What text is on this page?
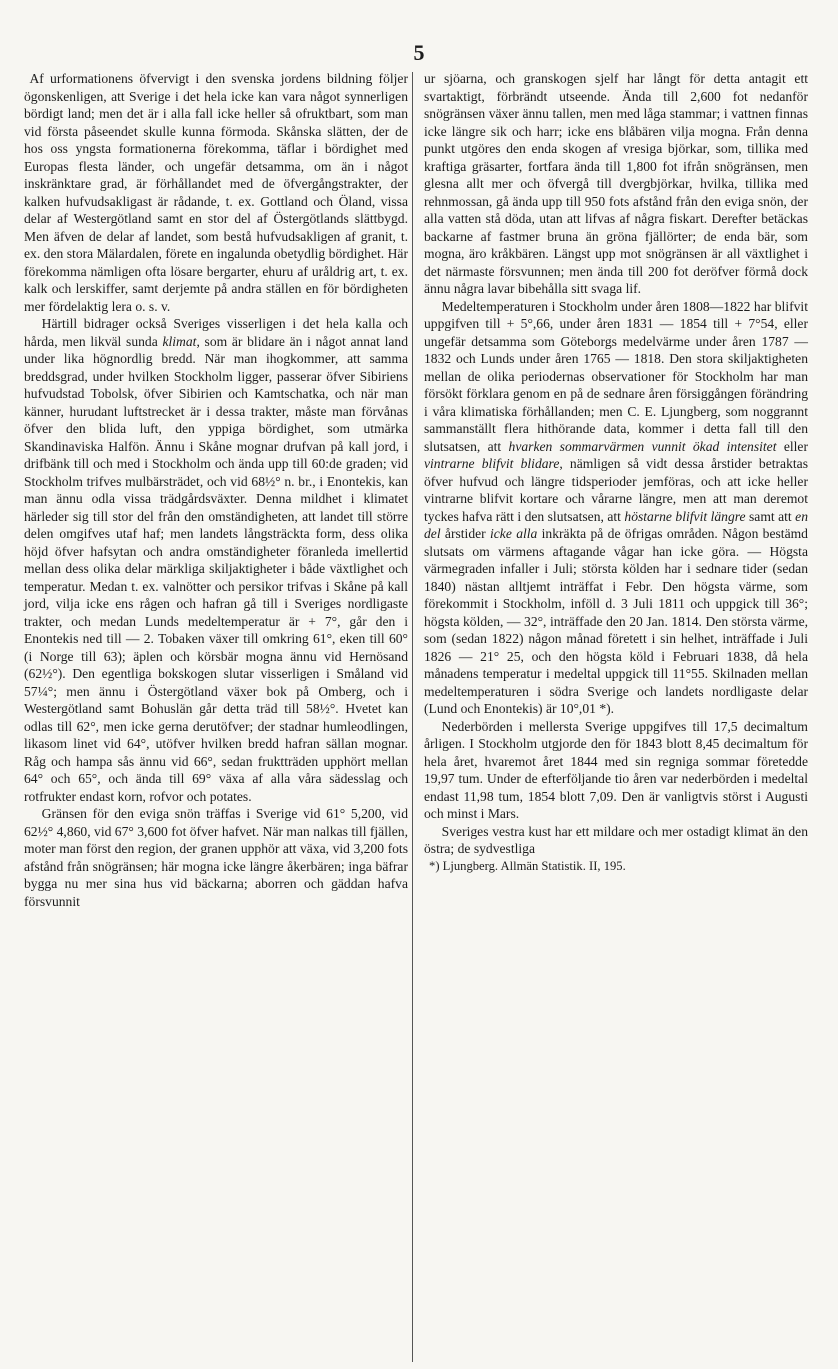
5

Af urformationens öfvervigt i den svenska jordens bildning följer ögonskenligen, att Sverige i det hela icke kan vara något synnerligen bördigt land; men det är i alla fall icke heller så ofruktbart, som man vid första påseendet skulle kunna förmoda. Skånska slätten, der de hos oss yngsta formationerna förekomma, täflar i bördighet med Europas flesta länder, och ungefär detsamma, om än i något inskränktare grad, är förhållandet med de öfvergångstrakter, der kalken hufvudsakligast är rådande, t. ex. Gottland och Öland, vissa delar af Westergötland samt en stor del af Östergötlands slättbygd. Men äfven de delar af landet, som bestå hufvudsakligen af granit, t. ex. den stora Mälardalen, förete en ingalunda obetydlig bördighet. Här förekomma nämligen ofta lösare bergarter, ehuru af uråldrig art, t. ex. kalk och lerskiffer, samt derjemte på andra ställen en för bördigheten mer fördelaktig lera o. s. v.

Härtill bidrager också Sveriges visserligen i det hela kalla och hårda, men likväl sunda klimat, som är blidare än i något annat land under lika högnordlig bredd. När man ihogkommer, att samma breddsgrad, under hvilken Stockholm ligger, passerar öfver Sibiriens hufvudstad Tobolsk, öfver Sibirien och Kamtschatka, och när man känner, hurudant luftstrecket är i dessa trakter, måste man förvånas öfver den blida luft, den yppiga bördighet, som utmärka Skandinaviska Halfön. Ännu i Skåne mognar drufvan på kall jord, i drifbänk till och med i Stockholm och ända upp till 60:de graden; vid Stockholm trifves mulbärsträdet, och vid 68½° n. br., i Enontekis, kan man ännu odla vissa trädgårdsväxter. Denna mildhet i klimatet härleder sig till stor del från den omständigheten, att landet till större delen omgifves utaf haf; men landets långsträckta form, dess olika höjd öfver hafsytan och andra omständigheter föranleda imellertid mellan dess olika delar märkliga skiljaktigheter i både växtlighet och temperatur. Medan t. ex. valnötter och persikor trifvas i Skåne på kall jord, vilja icke ens rågen och hafran gå till i Sveriges nordligaste trakter, och medan Lunds medeltemperatur är + 7°, går den i Enontekis ned till — 2. Tobaken växer till omkring 61°, eken till 60° (i Norge till 63); äplen och körsbär mogna ännu vid Hernösand (62½°). Den egentliga bokskogen slutar visserligen i Småland vid 57¼°; men ännu i Östergötland växer bok på Omberg, och i Westergötland samt Bohuslän går detta träd till 58½°. Hvetet kan odlas till 62°, men icke gerna derutöfver; der stadnar humleodlingen, likasom linet vid 64°, utöfver hvilken bredd hafran sällan mognar. Råg och hampa sås ännu vid 66°, sedan fruktträden upphört mellan 64° och 65°, och ända till 69° växa af alla våra sädesslag och rotfrukter endast korn, rofvor och potates.

Gränsen för den eviga snön träffas i Sverige vid 61° 5,200, vid 62½° 4,860, vid 67° 3,600 fot öfver hafvet. När man nalkas till fjällen, moter man först den region, der granen upphör att växa, vid 3,200 fots afstånd från snögränsen; här mogna icke längre åkerbären; inga bäfrar bygga nu mer sina hus vid bäckarna; aborren och gäddan hafva försvunnit

ur sjöarna, och granskogen sjelf har långt för detta antagit ett svartaktigt, förbrändt utseende. Ända till 2,600 fot nedanför snögränsen växer ännu tallen, men med låga stammar; i vattnen finnas icke längre sik och harr; icke ens blåbären vilja mogna. Från denna punkt utgöres den enda skogen af vresiga björkar, som, tillika med kraftiga gräsarter, fortfara ända till 1,800 fot ifrån snögränsen, men glesna allt mer och öfvergå till dvergbjörkar, hvilka, tillika med rehnmossan, gå ända upp till 950 fots afstånd från den eviga snön, der alla vatten stå döda, utan att lifvas af några fiskart. Derefter betäckas backarne af fastmer bruna än gröna fjällörter; de enda bär, som mogna, äro kråkbären. Längst upp mot snögränsen är all växtlighet i det närmaste försvunnen; men ända till 200 fot deröfver förmå dock ännu några lavar bibehålla sitt svaga lif.

Medeltemperaturen i Stockholm under åren 1808—1822 har blifvit uppgifven till + 5°,66, under åren 1831 — 1854 till + 7°54, eller ungefär detsamma som Göteborgs medelvärme under åren 1787 — 1832 och Lunds under åren 1765 — 1818. Den stora skiljaktigheten mellan de olika periodernas observationer för Stockholm har man försökt förklara genom en på de sednare åren försiggången förändring i våra klimatiska förhållanden; men C. E. Ljungberg, som noggrannt sammanställt flera hithörande data, kommer i detta fall till den slutsatsen, att hvarken sommarvärmen vunnit ökad intensitet eller vintrarne blifvit blidare, nämligen så vidt dessa årstider betraktas öfver hufvud och längre tidsperioder jemföras, och att icke heller vintrarne blifvit kortare och vårarne längre, men att man deremot tyckes hafva rätt i den slutsatsen, att höstarne blifvit längre samt att en del årstider icke alla inkräkta på de öfrigas områden. Någon bestämd slutsats om värmens aftagande vågar han icke göra. — Högsta värmegraden infaller i Juli; största kölden har i sednare tider (sedan 1840) nästan alltjemt inträffat i Febr. Den högsta värme, som förekommit i Stockholm, inföll d. 3 Juli 1811 och uppgick till 36°; högsta kölden, — 32°, inträffade den 20 Jan. 1814. Den största värme, som (sedan 1822) någon månad företett i sin helhet, inträffade i Juli 1826 — 21° 25, och den högsta köld i Februari 1838, då hela månadens temperatur i medeltal uppgick till 11°55. Skilnaden mellan medeltemperaturen i södra Sverige och landets nordligaste delar (Lund och Enontekis) är 10°,01 *).

Nederbörden i mellersta Sverige uppgifves till 17,5 decimaltum årligen. I Stockholm utgjorde den för 1843 blott 8,45 decimaltum för hela året, hvaremot året 1844 med sin regniga sommar företedde 19,97 tum. Under de efterföljande tio åren var nederbörden i medeltal endast 11,98 tum, 1854 blott 7,09. Den är vanligtvis störst i Augusti och minst i Mars.

Sveriges vestra kust har ett mildare och mer ostadigt klimat än den östra; de sydvestliga

*) Ljungberg. Allmän Statistik. II, 195.
